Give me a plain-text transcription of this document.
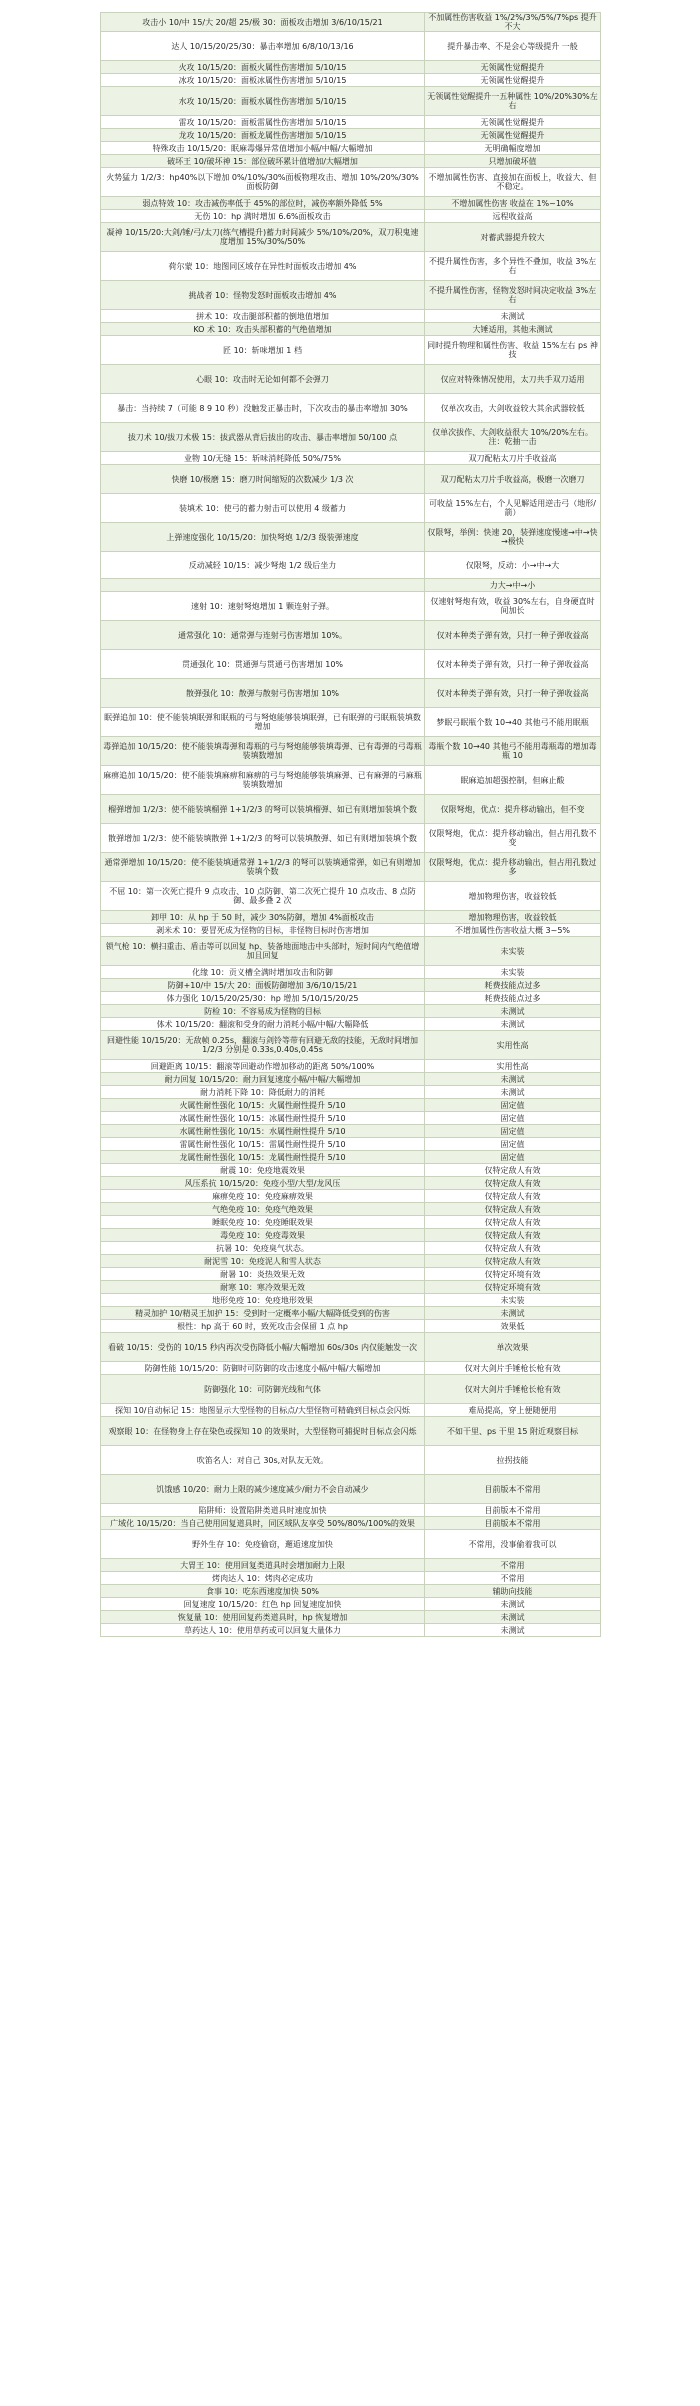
攻击小 10/中 15/大 20/超 25/极 30：面板攻击增加 3/6/10/15/21	不加属性伤害收益 1%/2%/3%/5%/7%ps 提升不大
达人 10/15/20/25/30：暴击率增加 6/8/10/13/16	提升暴击率、不是会心等级提升 一般
火攻 10/15/20：面板火属性伤害增加 5/10/15	无领属性觉醒提升
冰攻 10/15/20：面板冰属性伤害增加 5/10/15	无领属性觉醒提升
水攻 10/15/20：面板水属性伤害增加 5/10/15	无领属性觉醒提升一五种属性 10%/20%30%左右
雷攻 10/15/20：面板雷属性伤害增加 5/10/15	无领属性觉醒提升
龙攻 10/15/20：面板龙属性伤害增加 5/10/15	无领属性觉醒提升
特殊攻击 10/15/20：眠麻毒爆异常值增加小幅/中幅/大幅增加	无明确幅度增加
破坏王 10/破坏神 15：部位破坏累计值增加/大幅增加	只增加破坏值
火势猛力 1/2/3：hp40%以下增加 0%/10%/30%面板物理攻击、增加 10%/20%/30%面板防御	不增加属性伤害、直接加在面板上，收益大、但不稳定。
弱点特效 10：攻击减伤率低于 45%的部位时，减伤率额外降低 5%	不增加属性伤害 收益在 1%~10%
无伤 10：hp 满时增加 6.6%面板攻击	远程收益高
凝神 10/15/20:大剑/锤/弓/太刀(练气槽提升)蓄力时间减少 5%/10%/20%，双刀积鬼速度增加 15%/30%/50%	对蓄武器提升较大
荷尔蒙 10：地图同区域存在异性时面板攻击增加 4%	不提升属性伤害，多个异性不叠加，收益 3%左右
挑战者 10：怪物发怒时面板攻击增加 4%	不提升属性伤害，怪物发怒时间决定收益 3%左右
拼术 10：攻击腿部积蓄的倒地值增加	未测试
KO 术 10：攻击头部积蓄的气绝值增加	大锤适用，其他未测试
匠 10：斩味增加 1 档	同时提升物理和属性伤害、收益 15%左右 ps 神技
心眼 10：攻击时无论如何都不会弹刀	仅应对特殊情况使用，太刀共手双刀适用
暴击：当持续 7（可能 8 9 10 秒）没触发正暴击时，下次攻击的暴击率增加 30%	仅单次攻击，大剑收益较大其余武器较低
拔刀术 10/拔刀术极 15：拔武器从背后拔出的攻击、暴击率增加 50/100 点	仅单次拔作、大剑收益很大 10%/20%左右。注：乾抽一击
业物 10/无缝 15：斩味消耗降低 50%/75%	双刀配粘太刀片手收益高
快磨 10/极磨 15：磨刀时间缩短的次数减少 1/3 次	双刀配粘太刀片手收益高，极磨一次磨刀
装填术 10：使弓的蓄力射击可以使用 4 级蓄力	可收益 15%左右，个人见解适用逆击弓（地形/箭）
上弹速度强化 10/15/20：加快弩炮 1/2/3 级装弹速度	仅限弩，举例：快速 20，装弹速度慢速→中→快→极快
反动减轻 10/15：减少弩炮 1/2 级后坐力	仅限弩，反动：小→中→大
	力大→中→小
速射 10：速射弩炮增加 1 颗连射子弹。	仅速射弩炮有效，收益 30%左右，自身硬直时间加长
通常强化 10：通常弹与连射弓伤害增加 10%。	仅对本种类子弹有效，只打一种子弹收益高
贯通强化 10：贯通弹与贯通弓伤害增加 10%	仅对本种类子弹有效，只打一种子弹收益高
散弹强化 10：散弹与散射弓伤害增加 10%	仅对本种类子弹有效，只打一种子弹收益高
眠弹追加 10：使不能装填眠弹和眠瓶的弓与弩炮能够装填眠弹，已有眠弹的弓眠瓶装填数增加	梦眠弓眠瓶个数 10→40 其他弓不能用眠瓶
毒弹追加 10/15/20：使不能装填毒弹和毒瓶的弓与弩炮能够装填毒弹、已有毒弹的弓毒瓶装填数增加	毒瓶个数 10→40 其他弓不能用毒瓶毒的增加毒瓶 10
麻痹追加 10/15/20：使不能装填麻痹和麻痹的弓与弩炮能够装填麻弹、已有麻弹的弓麻瓶装填数增加	眠麻追加超强控制，但麻止酸
榴弹增加 1/2/3：使不能装填榴弹 1+1/2/3 的弩可以装填榴弹、如已有则增加装填个数	仅限弩炮，优点：提升移动输出，但不变
散弹增加 1/2/3：使不能装填散弹 1+1/2/3 的弩可以装填散弹、如已有则增加装填个数	仅限弩炮，优点：提升移动输出，但占用孔数不变
通常弹增加 10/15/20：使不能装填通常弹 1+1/2/3 的弩可以装填通常弹，如已有则增加装填个数	仅限弩炮，优点：提升移动输出，但占用孔数过多
不屈 10：第一次死亡提升 9 点攻击、10 点防御、第二次死亡提升 10 点攻击、8 点防御、最多叠 2 次	增加物理伤害，收益较低
卸甲 10：从 hp 于 50 时，减少 30%防御，增加 4%面板攻击	增加物理伤害，收益较低
剥米术 10：要冒死成为怪物的目标，非怪物目标时伤害增加	不增加属性伤害收益大概 3~5%
锁气枪 10：横扫重击、盾击等可以回复 hp、装备地面地击中头部时，短时间内气绝值增加且回复	未实装
化缘 10：贡义槽全满时增加攻击和防御	未实装
防御+10/中 15/大 20：面板防御增加 3/6/10/15/21	耗费技能点过多
体力强化 10/15/20/25/30：hp 增加 5/10/15/20/25	耗费技能点过多
防检 10：不容易成为怪物的目标	未测试
体术 10/15/20：翻滚和受身的耐力消耗小幅/中幅/大幅降低	未测试
回避性能 10/15/20：无敌帧 0.25s，翻滚与剑铃等带有回避无敌的技能，无敌时间增加 1/2/3 分别是 0.33s,0.40s,0.45s	实用性高
回避距离 10/15：翻滚等回避动作增加移动的距离 50%/100%	实用性高
耐力回复 10/15/20：耐力回复速度小幅/中幅/大幅增加	未测试
耐力消耗下降 10：降低耐力的消耗	未测试
火属性耐性强化 10/15：火属性耐性提升 5/10	固定值
冰属性耐性强化 10/15：冰属性耐性提升 5/10	固定值
水属性耐性强化 10/15：水属性耐性提升 5/10	固定值
雷属性耐性强化 10/15：雷属性耐性提升 5/10	固定值
龙属性耐性强化 10/15：龙属性耐性提升 5/10	固定值
耐震 10：免疫地震效果	仅特定敌人有效
风压系抗 10/15/20：免疫小型/大型/龙风压	仅特定敌人有效
麻痹免疫 10：免疫麻痹效果	仅特定敌人有效
气绝免疫 10：免疫气绝效果	仅特定敌人有效
睡眠免疫 10：免疫睡眠效果	仅特定敌人有效
毒免疫 10：免疫毒效果	仅特定敌人有效
抗暑 10：免疫臭气状态。	仅特定敌人有效
耐泥雪 10：免疫泥人和雪人状态	仅特定敌人有效
耐暑 10：炎热效果无效	仅特定环境有效
耐寒 10：寒冷效果无效	仅特定环境有效
地形免疫 10：免疫地形效果	未实装
精灵加护 10/精灵王加护 15：受到时一定概率小幅/大幅降低受到的伤害	未测试
根性：hp 高于 60 时，致死攻击会保留 1 点 hp	效果低
看破 10/15：受伤的 10/15 秒内再次受伤降低小幅/大幅增加 60s/30s 内仅能触发一次	单次效果
防御性能 10/15/20：防御时可防御的攻击速度小幅/中幅/大幅增加	仅对大剑片手锤枪长枪有效
防御强化 10：可防御光线和气体	仅对大剑片手锤枪长枪有效
探知 10/自动标记 15：地图显示大型怪物的目标点/大型怪物可精确到目标点会闪烁	难局提高，穿上便随便用
观察眼 10：在怪物身上存在染色或探知 10 的效果时，大型怪物可捕捉时目标点会闪烁	不如干里、ps 干里 15 附近观察目标
吹笛名人：对自己 30s,对队友无效。	拉拐技能
饥饿感 10/20：耐力上限的减少速度减少/耐力不会自动减少	目前版本不常用
陷阱师：设置陷阱类道具时速度加快	目前版本不常用
广域化 10/15/20：当自己使用回复道具时，同区域队友享受 50%/80%/100%的效果	目前版本不常用
野外生存 10：免疫偷窃，邂逅速度加快	不常用，没事偷着我可以
大胃王 10：使用回复类道具时会增加耐力上限	不常用
烤肉达人 10：烤肉必定成功	不常用
食事 10：吃东西速度加快 50%	辅助向技能
回复速度 10/15/20：红色 hp 回复速度加快	未测试
恢复量 10：使用回复药类道具时，hp 恢复增加	未测试
草药达人 10：使用草药或可以回复大量体力	未测试
